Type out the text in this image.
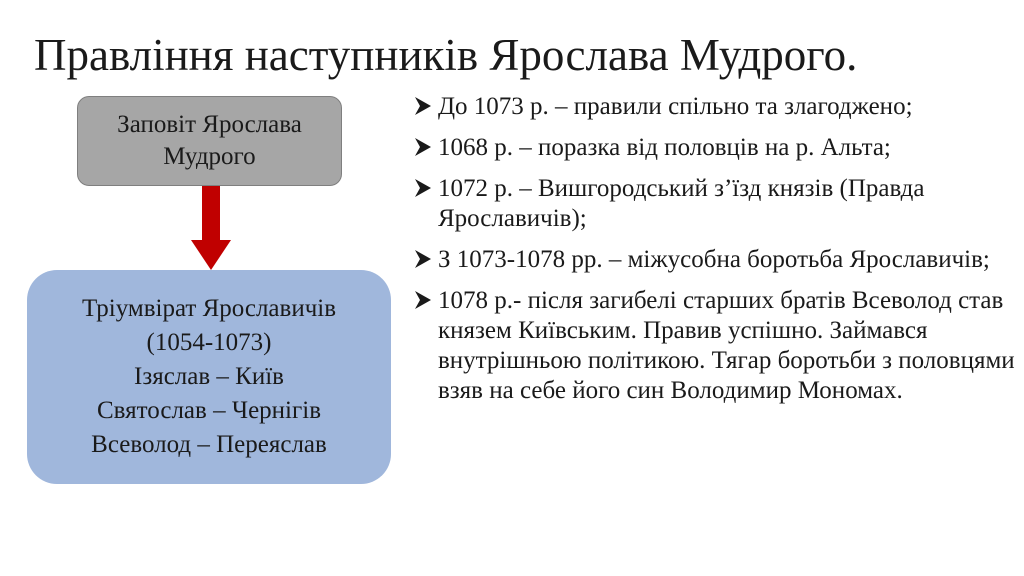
Правління наступників Ярослава Мудрого.
Заповіт Ярослава
Мудрого
Тріумвірат Ярославичів
(1054-1073)
Ізяслав – Київ
Святослав – Чернігів
Всеволод – Переяслав
До 1073 р. – правили спільно та злагоджено;
1068 р. – поразка від половців на р. Альта;
1072 р. – Вишгородський з’їзд князів (Правда Ярославичів);
З 1073-1078 рр. – міжусобна боротьба Ярославичів;
1078 р.- після загибелі старших братів Всеволод став князем Київським. Правив успішно. Займався внутрішньою політикою. Тягар боротьби з половцями взяв на себе його син Володимир Мономах.
